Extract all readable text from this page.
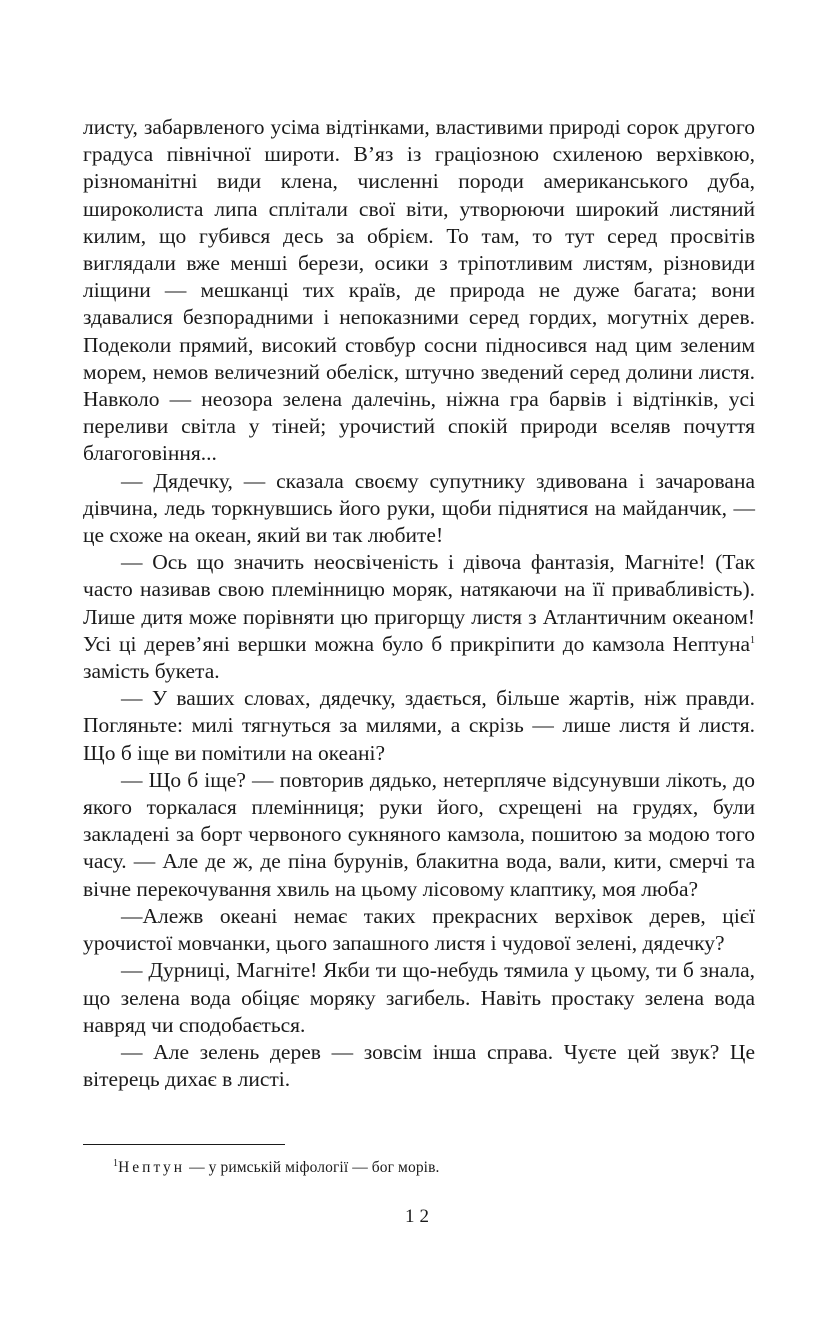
листу, забарвленого усіма відтінками, властивими природі сорок другого градуса північної широти. В’яз із граціозною схиленою верхівкою, різноманітні види клена, численні породи американського дуба, широколиста липа сплітали свої віти, утворюючи широкий листяний килим, що губився десь за обрієм. То там, то тут серед просвітів виглядали вже менші берези, осики з тріпотливим листям, різновиди ліщини — мешканці тих країв, де природа не дуже багата; вони здавалися безпорадними і непоказними серед гордих, могутніх дерев. Подеколи прямий, високий стовбур сосни підносився над цим зеленим морем, немов величезний обеліск, штучно зведений серед долини листя. Навколо — неозора зелена далечінь, ніжна гра барвів і відтінків, усі переливи світла у тіней; урочистий спокій природи вселяв почуття благоговіння...

— Дядечку, — сказала своєму супутнику здивована і зачарована дівчина, ледь торкнувшись його руки, щоби піднятися на майданчик, — це схоже на океан, який ви так любите!

— Ось що значить неосвіченість і дівоча фантазія, Магніте! (Так часто називав свою племінницю моряк, натякаючи на її привабливість). Лише дитя може порівняти цю пригорщу листя з Атлантичним океаном! Усі ці дерев’яні вершки можна було б прикріпити до камзола Нептуна$^1$ замість букета.

— У ваших словах, дядечку, здається, більше жартів, ніж правди. Погляньте: милі тягнуться за милями, а скрізь — лише листя й листя. Що б іще ви помітили на океані?

— Що б іще? — повторив дядько, нетерпляче відсунувши лікоть, до якого торкалася племінниця; руки його, схрещені на грудях, були закладені за борт червоного сукняного камзола, пошитою за модою того часу. — Але де ж, де піна бурунів, блакитна вода, вали, кити, смерчі та вічне перекочування хвиль на цьому лісовому клаптику, моя люба?

—Алежв океані немає таких прекрасних верхівок дерев, цієї урочистої мовчанки, цього запашного листя і чудової зелені, дядечку?

— Дурниці, Магніте! Якби ти що-небудь тямила у цьому, ти б знала, що зелена вода обіцяє моряку загибель. Навіть простаку зелена вода навряд чи сподобається.

— Але зелень дерев — зовсім інша справа. Чуєте цей звук? Це вітерець дихає в листі.

$^1$Нептун — у римській міфології — бог морів.
12
